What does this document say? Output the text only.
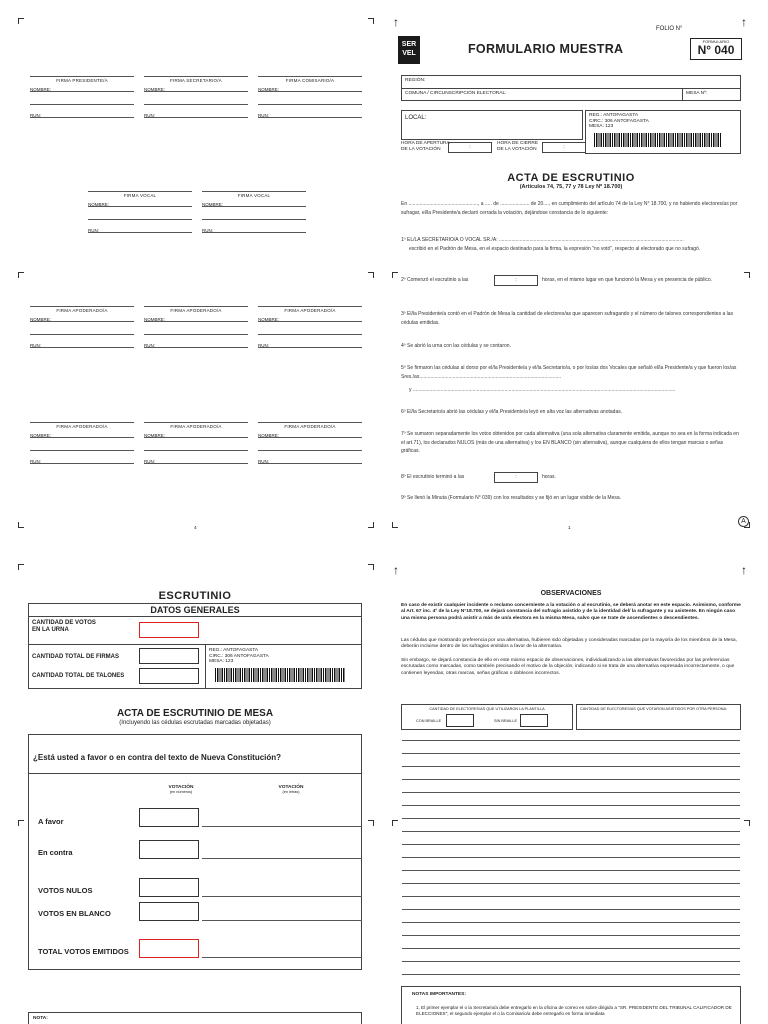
↑	↑
↑	↑
FIRMA PRESIDENTE/A
NOMBRE:
RUN:
FIRMA SECRETARIO/A
NOMBRE:
RUN:
FIRMA COMISARIO/A
NOMBRE:
RUN:
FIRMA VOCAL
NOMBRE:
RUN:
FIRMA VOCAL
NOMBRE:
RUN:
FIRMA APODERADO/A
NOMBRE:
RUN:
FIRMA APODERADO/A
NOMBRE:
RUN:
FIRMA APODERADO/A
NOMBRE:
RUN:
FIRMA APODERADO/A
NOMBRE:
RUN:
FIRMA APODERADO/A
NOMBRE:
RUN:
FIRMA APODERADO/A
NOMBRE:
RUN:
4
FOLIO N°
SER
VEL	FORMULARIO MUESTRA
FORMULARIO
N° 040
REGIÓN:
COMUNA / CIRCUNSCRIPCIÓN ELECTORAL:	MESA Nº:
LOCAL:	REG.: ANTOFAGASTA
CIRC.: 306 ANTOFAGASTA
MESA: 123
HORA DE APERTURA
DE LA VOTACIÓN	:
HORA DE CIERRE
DE LA VOTACIÓN	:
ACTA DE ESCRUTINIO
(Artículos 74, 75, 77 y 78 Ley Nº 18.700)
En .................................................., a ..... de ..................... de 20...., en cumplimiento del artículo 74 de la Ley N° 18.700, y no habiendo electores/as por sufragar, el/la Presidente/a declaró cerrada la votación, dejándose constancia de lo siguiente:
1º EL/LA SECRETARIO/A O VOCAL SR./A: .....................................................................................................................................
escribió en el Padrón de Mesa, en el espacio destinado para la firma, la expresión "no votó", respecto al electorado que no sufragó.
2º Comenzó el escrutinio a las	:	horas, en el mismo lugar en que funcionó la Mesa y en presencia de público.
3º El/la Presidente/a contó en el Padrón de Mesa la cantidad de electores/as que aparecen sufragando y el número de talones correspondientes a las cédulas emitidas.
4º Se abrió la urna con las cédulas y se contaron.
5º Se firmaron las cédulas al dorso por el/la Presidente/a y el/la Secretario/a, o por los/as dos Vocales que señaló el/la Presidente/a y que fueron los/as Sres./as......................................................................................................
y .............................................................................................................................................................................................
6º El/la Secretario/a abrió las cédulas y el/la Presidente/a leyó en alta voz las alternativas anotadas.
7º Se sumaron separadamente los votos obtenidos por cada alternativa (una sola alternativa claramente emitida, aunque no sea en la forma indicada en el art.71), los declarados NULOS (más de una alternativa) y los EN BLANCO (sin alternativa), aunque cualquiera de ellos tengan marcas o señas gráficas.
8º El escrutinio terminó a las	:	horas.
9º Se llenó la Minuta (Formulario N° 039) con los resultados y se fijó en un lugar visible de la Mesa.
1
A
ESCRUTINIO
DATOS GENERALES
CANTIDAD DE VOTOS
EN LA URNA
CANTIDAD TOTAL DE FIRMAS
CANTIDAD TOTAL DE TALONES
REG.: ANTOFAGASTA
CIRC.: 306 ANTOFAGASTA
MESA: 123
ACTA DE ESCRUTINIO DE MESA
(Incluyendo las cédulas escrutadas marcadas objetadas)
¿Está usted a favor o en contra del texto de Nueva Constitución?
VOTACIÓN
(en números)
VOTACIÓN
(en letras)
A favor
En contra
VOTOS NULOS
VOTOS EN BLANCO
TOTAL VOTOS EMITIDOS
NOTA:
OBSERVACIONES
En caso de existir cualquier incidente o reclamo concerniente a la votación o al escrutinio, se deberá anotar en este espacio. Asimismo, conforme al Art. 67 inc. 4º de la Ley N°18.700, se dejará constancia del sufragio asistido y de la identidad del/ la sufragante y su asistente. En ningún caso una misma persona podrá asistir a más de un/a electora en la misma Mesa, salvo que se trate de ascendientes o descendientes.
Las cédulas que mostrando preferencia por una alternativa, hubieren sido objetadas y consideradas marcadas por la mayoría de los miembros de la Mesa, deberán incluirse dentro de los sufragios emitidos a favor de la alternativa.
Sin embargo, se dejará constancia de ello en este mismo espacio de observaciones, individualizando a las alternativas favorecidas por las preferencias escrutadas como marcadas, como también precisando el motivo de la objeción, indicando si se trata de una alternativa expresada incorrectamente, o que contienen leyendas, otras marcas, señas gráficas o dobleces incorrectos.
CANTIDAD DE ELECTORES/AS QUE UTILIZARON LA PLANTILLA
CON BRAILLE	SIN BRAILLE
CANTIDAD DE ELECTORES/AS QUE VOTARON ASISTIDOS POR OTRA PERSONA:
NOTAS IMPORTANTES:
1. El primer ejemplar el o la Secretario/a debe entregarlo en la oficina de correo en sobre dirigido a "SR. PRESIDENTE DEL TRIBUNAL CALIFICADOR DE ELECCIONES"; el segundo ejemplar el o la Comisario/a debe entregarlo en forma inmediata
